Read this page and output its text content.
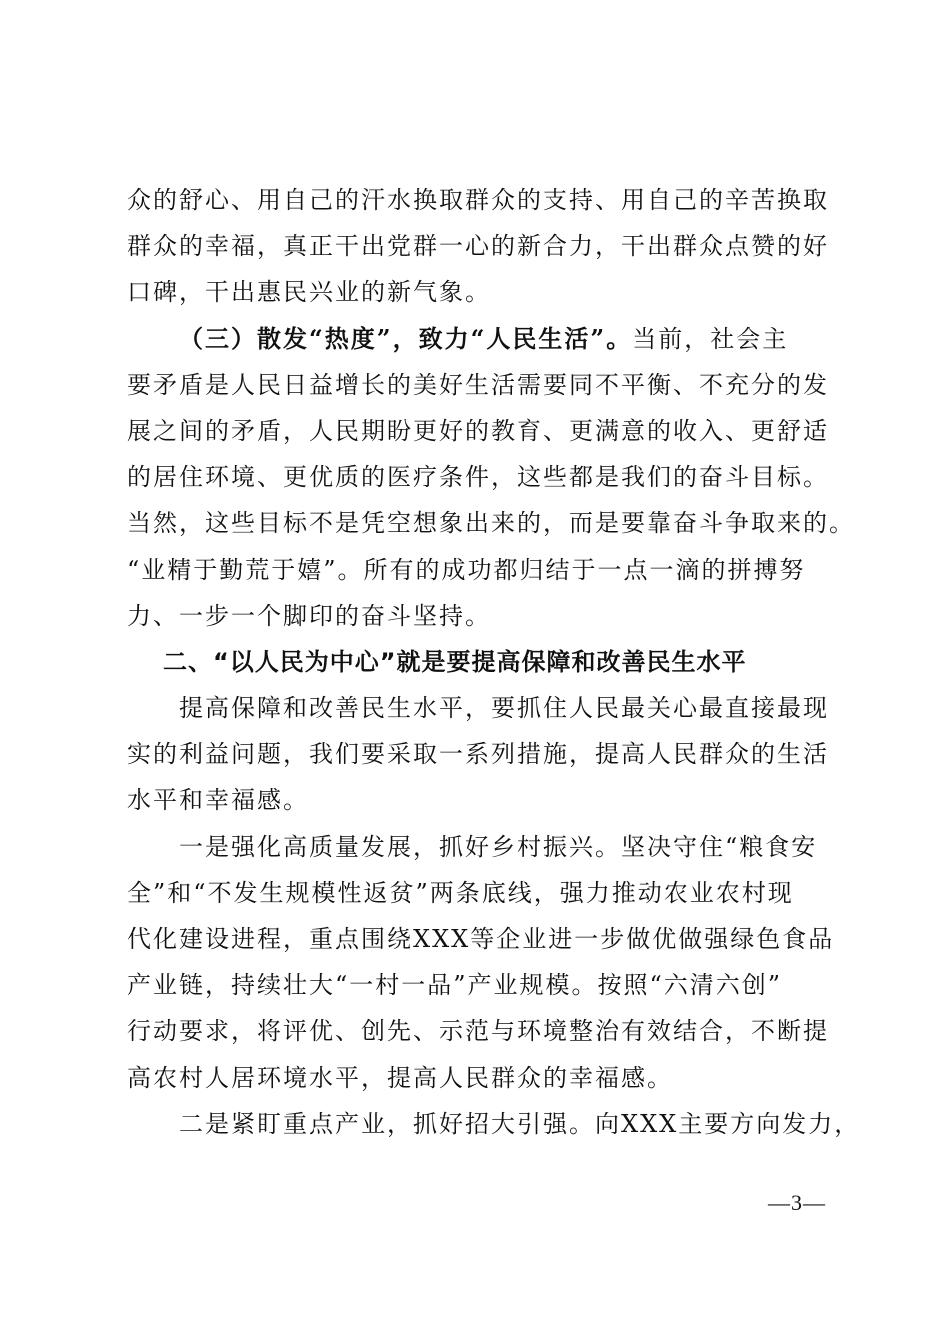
众的舒心、用自己的汗水换取群众的支持、用自己的辛苦换取
群众的幸福，真正干出党群一心的新合力，干出群众点赞的好
口碑，干出惠民兴业的新气象。
（三）散发“热度”，致力“人民生活”。当前，社会主
要矛盾是人民日益增长的美好生活需要同不平衡、不充分的发
展之间的矛盾，人民期盼更好的教育、更满意的收入、更舒适
的居住环境、更优质的医疗条件，这些都是我们的奋斗目标。
当然，这些目标不是凭空想象出来的，而是要靠奋斗争取来的。
“业精于勤荒于嬉”。所有的成功都归结于一点一滴的拼搏努
力、一步一个脚印的奋斗坚持。
二、“以人民为中心”就是要提高保障和改善民生水平
提高保障和改善民生水平，要抓住人民最关心最直接最现
实的利益问题，我们要采取一系列措施，提高人民群众的生活
水平和幸福感。
一是强化高质量发展，抓好乡村振兴。坚决守住“粮食安
全”和“不发生规模性返贫”两条底线，强力推动农业农村现
代化建设进程，重点围绕XXX等企业进一步做优做强绿色食品
产业链，持续壮大“一村一品”产业规模。按照“六清六创”
行动要求，将评优、创先、示范与环境整治有效结合，不断提
高农村人居环境水平，提高人民群众的幸福感。
二是紧盯重点产业，抓好招大引强。向XXX主要方向发力，
—3—
